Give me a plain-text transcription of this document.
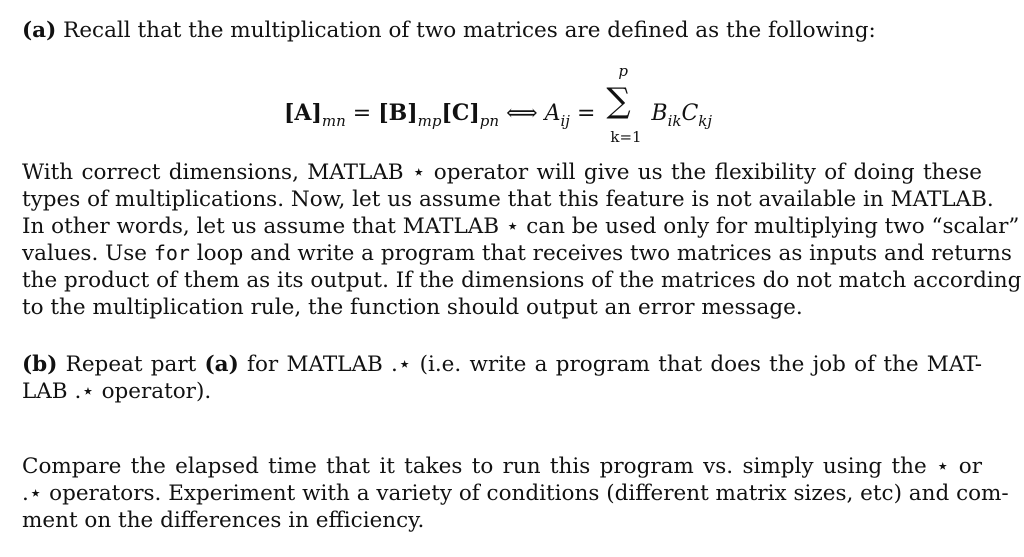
(a) Recall that the multiplication of two matrices are defined as the following:
$[A]_{mn} = [B]_{mp}[C]_{pn}$ ⟺ $A_{ij}$ =
p
∑
k=1
$B_{ik}C_{kj}$
With correct dimensions, MATLAB ⋆ operator will give us the flexibility of doing these
types of multiplications. Now, let us assume that this feature is not available in MATLAB.
In other words, let us assume that MATLAB ⋆ can be used only for multiplying two “scalar”
values. Use for loop and write a program that receives two matrices as inputs and returns
the product of them as its output. If the dimensions of the matrices do not match according
to the multiplication rule, the function should output an error message.
(b) Repeat part (a) for MATLAB .⋆ (i.e. write a program that does the job of the MAT-
LAB .⋆ operator).
Compare the elapsed time that it takes to run this program vs. simply using the ⋆ or
.⋆ operators. Experiment with a variety of conditions (different matrix sizes, etc) and com-
ment on the differences in efficiency.
